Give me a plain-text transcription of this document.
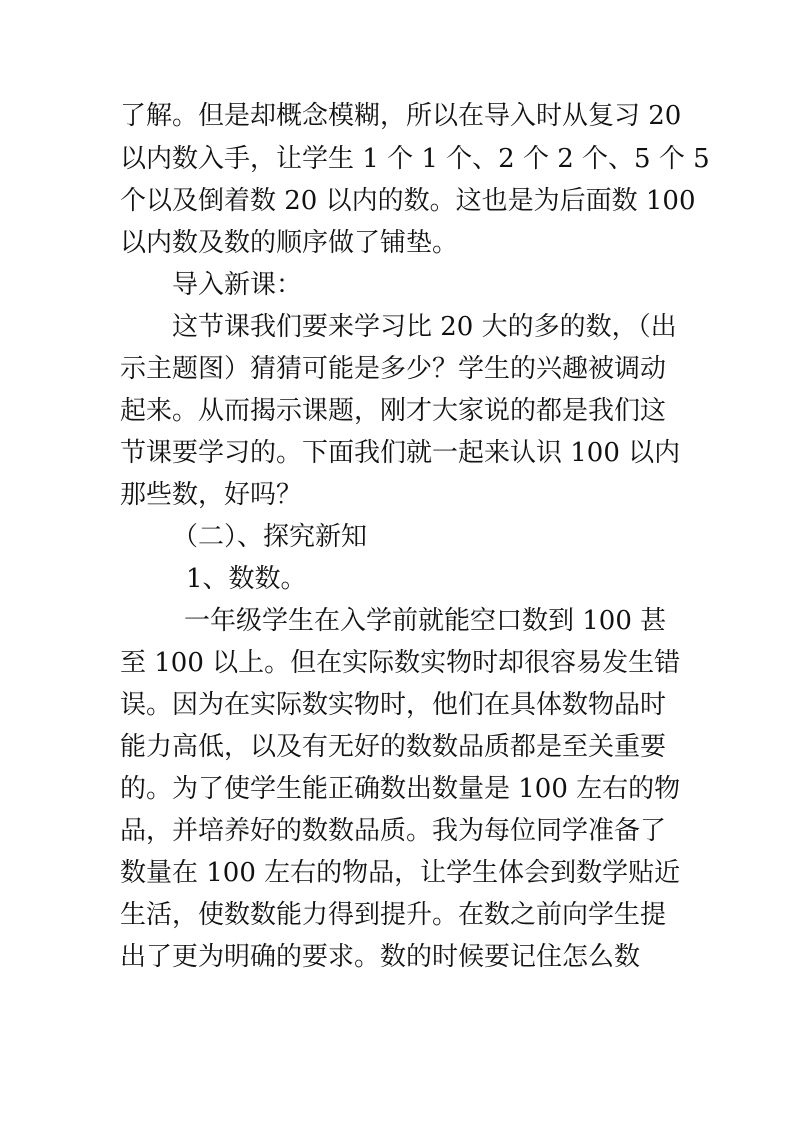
了解。但是却概念模糊，所以在导入时从复习 20
以内数入手，让学生 1 个 1 个、2 个 2 个、5 个 5
个以及倒着数 20 以内的数。这也是为后面数 100
以内数及数的顺序做了铺垫。
导入新课：
这节课我们要来学习比 20 大的多的数，（出
示主题图）猜猜可能是多少？学生的兴趣被调动
起来。从而揭示课题，刚才大家说的都是我们这
节课要学习的。下面我们就一起来认识 100 以内
那些数，好吗？
（二）、探究新知
1、数数。
一年级学生在入学前就能空口数到 100 甚
至 100 以上。但在实际数实物时却很容易发生错
误。因为在实际数实物时，他们在具体数物品时
能力高低，以及有无好的数数品质都是至关重要
的。为了使学生能正确数出数量是 100 左右的物
品，并培养好的数数品质。我为每位同学准备了
数量在 100 左右的物品，让学生体会到数学贴近
生活，使数数能力得到提升。在数之前向学生提
出了更为明确的要求。数的时候要记住怎么数
